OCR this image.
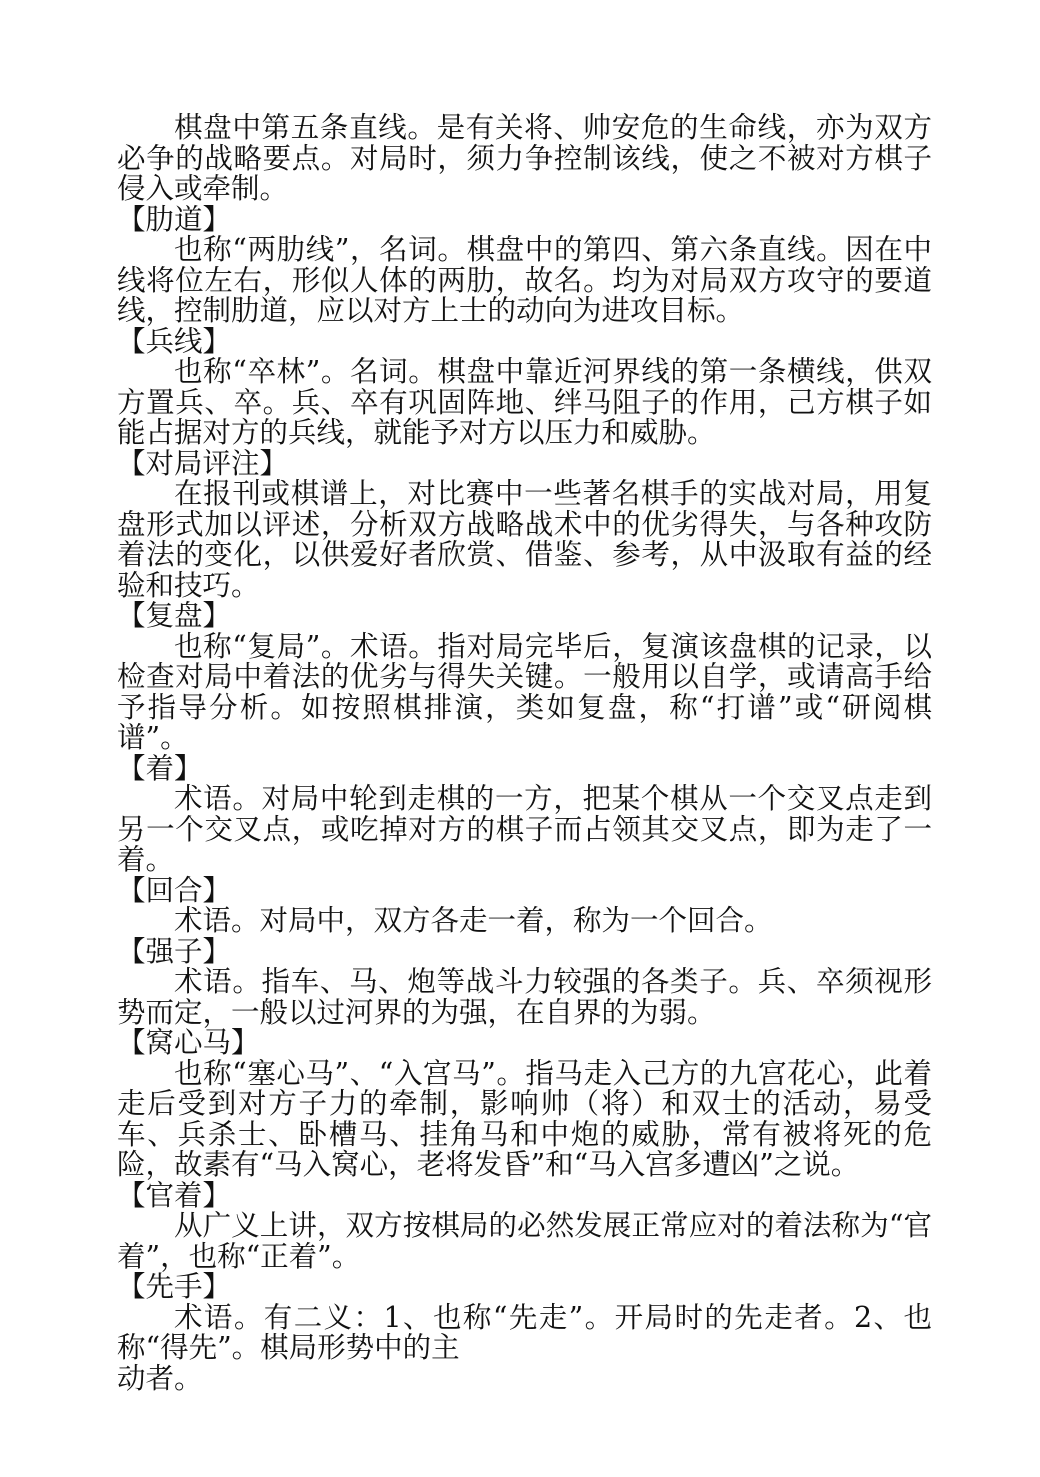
棋盘中第五条直线。是有关将、帅安危的生命线，亦为双方必争的战略要点。对局时，须力争控制该线，使之不被对方棋子侵入或牵制。

【肋道】

也称“两肋线”，名词。棋盘中的第四、第六条直线。因在中线将位左右，形似人体的两肋，故名。均为对局双方攻守的要道线，控制肋道，应以对方上士的动向为进攻目标。

【兵线】

也称“卒林”。名词。棋盘中靠近河界线的第一条横线，供双方置兵、卒。兵、卒有巩固阵地、绊马阻子的作用，己方棋子如能占据对方的兵线，就能予对方以压力和威胁。

【对局评注】

在报刊或棋谱上，对比赛中一些著名棋手的实战对局，用复盘形式加以评述，分析双方战略战术中的优劣得失，与各种攻防着法的变化，以供爱好者欣赏、借鉴、参考，从中汲取有益的经验和技巧。

【复盘】

也称“复局”。术语。指对局完毕后，复演该盘棋的记录，以检查对局中着法的优劣与得失关键。一般用以自学，或请高手给予指导分析。如按照棋排演，类如复盘，称“打谱”或“研阅棋谱”。

【着】

术语。对局中轮到走棋的一方，把某个棋从一个交叉点走到另一个交叉点，或吃掉对方的棋子而占领其交叉点，即为走了一着。

【回合】

术语。对局中，双方各走一着，称为一个回合。

【强子】

术语。指车、马、炮等战斗力较强的各类子。兵、卒须视形势而定，一般以过河界的为强，在自界的为弱。

【窝心马】

也称“塞心马”、“入宫马”。指马走入己方的九宫花心，此着走后受到对方子力的牵制，影响帅（将）和双士的活动，易受车、兵杀士、卧槽马、挂角马和中炮的威胁，常有被将死的危险，故素有“马入窝心，老将发昏”和“马入宫多遭凶”之说。

【官着】

从广义上讲，双方按棋局的必然发展正常应对的着法称为“官着”，也称“正着”。

【先手】

术语。有二义：1、也称“先走”。开局时的先走者。2、也称“得先”。棋局形势中的主

动者。
